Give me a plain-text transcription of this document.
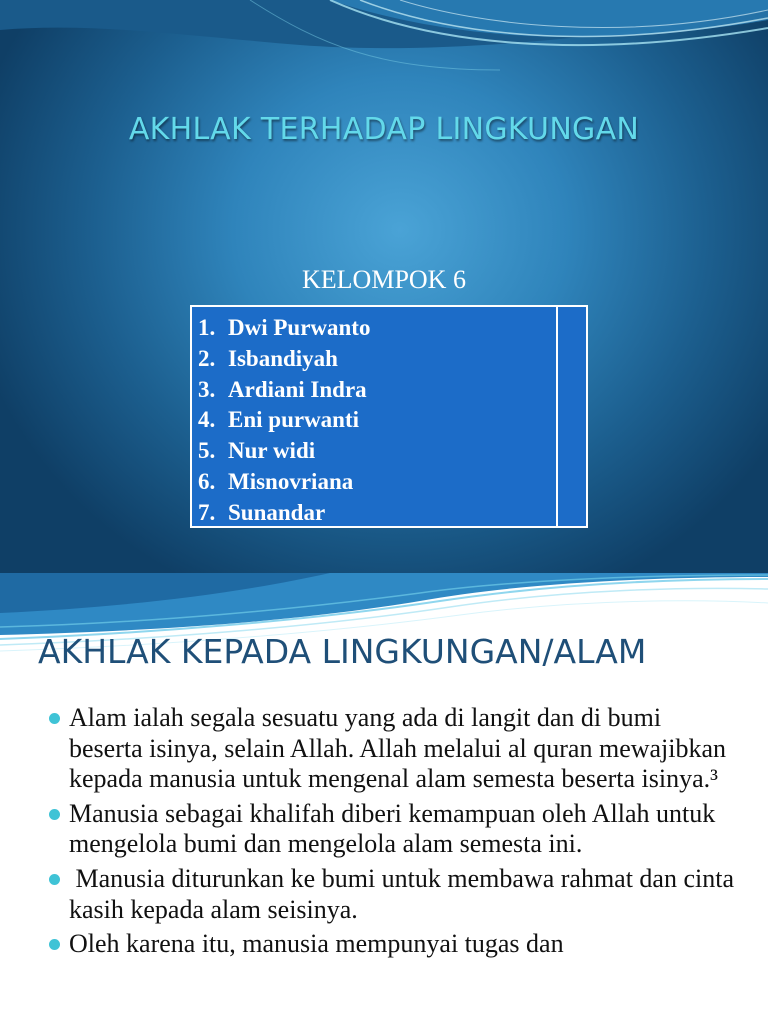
AKHLAK TERHADAP LINGKUNGAN
KELOMPOK 6
1. Dwi Purwanto
2. Isbandiyah
3. Ardiani Indra
4. Eni purwanti
5. Nur widi
6. Misnovriana
7. Sunandar
AKHLAK KEPADA LINGKUNGAN/ALAM
Alam ialah segala sesuatu yang ada di langit dan di bumi beserta isinya, selain Allah. Allah melalui al quran mewajibkan kepada manusia untuk mengenal alam semesta beserta isinya.³
Manusia sebagai khalifah diberi kemampuan oleh Allah untuk mengelola bumi dan mengelola alam semesta ini.
Manusia diturunkan ke bumi untuk membawa rahmat dan cinta kasih kepada alam seisinya.
Oleh karena itu, manusia mempunyai tugas dan
